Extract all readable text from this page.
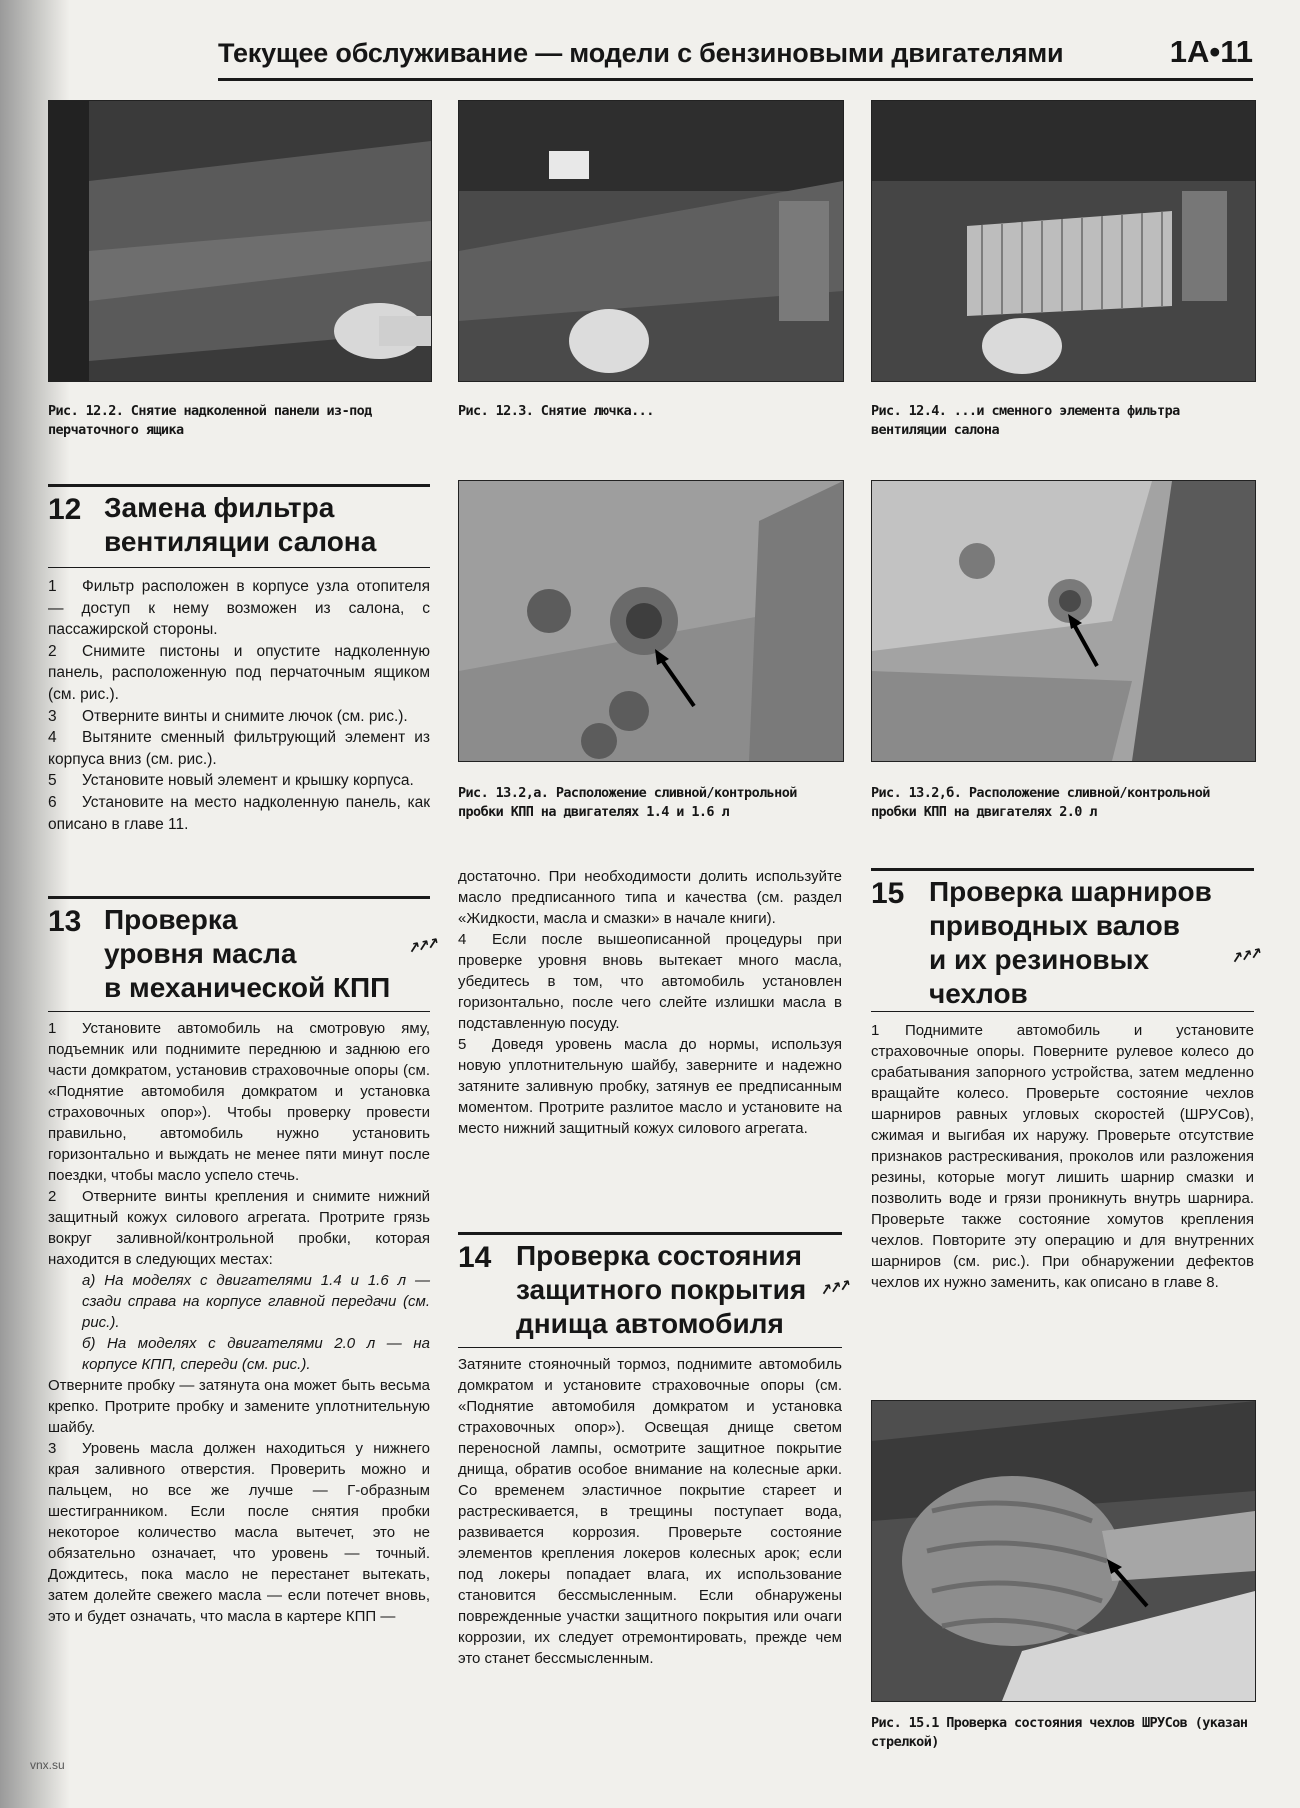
Текущее обслуживание — модели с бензиновыми двигателями	1A•11
Рис. 12.2. Снятие надколенной панели из-под перчаточного ящика
Рис. 12.3. Снятие лючка...	Рис. 12.4. ...и сменного элемента фильтра вентиляции салона
12 Замена фильтра
вентиляции салона

1 Фильтр расположен в корпусе узла отопителя — доступ к нему возможен из салона, с пассажирской стороны.

2 Снимите пистоны и опустите надколенную панель, расположенную под перчаточным ящиком (см. рис.).

3 Отверните винты и снимите лючок (см. рис.).

4 Вытяните сменный фильтрующий элемент из корпуса вниз (см. рис.).

5 Установите новый элемент и крышку корпуса.

6 Установите на место надколенную панель, как описано в главе 11.

13 Проверка
уровня масла
в механической КПП
↗↗↗

1 Установите автомобиль на смотровую яму, подъемник или поднимите переднюю и заднюю его части домкратом, установив страховочные опоры (см. «Поднятие автомобиля домкратом и установка страховочных опор»). Чтобы проверку провести правильно, автомобиль нужно установить горизонтально и выждать не менее пяти минут после поездки, чтобы масло успело стечь.

2 Отверните винты крепления и снимите нижний защитный кожух силового агрегата. Протрите грязь вокруг заливной/контрольной пробки, которая находится в следующих местах:

а) На моделях с двигателями 1.4 и 1.6 л — сзади справа на корпусе главной передачи (см. рис.).

б) На моделях с двигателями 2.0 л — на корпусе КПП, спереди (см. рис.).

Отверните пробку — затянута она может быть весьма крепко. Протрите пробку и замените уплотнительную шайбу.

3 Уровень масла должен находиться у нижнего края заливного отверстия. Проверить можно и пальцем, но все же лучше — Г-образным шестигранником. Если после снятия пробки некоторое количество масла вытечет, это не обязательно означает, что уровень — точный. Дождитесь, пока масло не перестанет вытекать, затем долейте свежего масла — если потечет вновь, это и будет означать, что масла в картере КПП —

Рис. 13.2,а. Расположение сливной/контрольной пробки КПП на двигателях 1.4 и 1.6 л
Рис. 13.2,б. Расположение сливной/контрольной пробки КПП на двигателях 2.0 л

достаточно. При необходимости долить используйте масло предписанного типа и качества (см. раздел «Жидкости, масла и смазки» в начале книги).

4 Если после вышеописанной процедуры при проверке уровня вновь вытекает много масла, убедитесь в том, что автомобиль установлен горизонтально, после чего слейте излишки масла в подставленную посуду.

5 Доведя уровень масла до нормы, используя новую уплотнительную шайбу, заверните и надежно затяните заливную пробку, затянув ее предписанным моментом. Протрите разлитое масло и установите на место нижний защитный кожух силового агрегата.

14 Проверка состояния
защитного покрытия
днища автомобиля
↗↗↗

Затяните стояночный тормоз, поднимите автомобиль домкратом и установите страховочные опоры (см. «Поднятие автомобиля домкратом и установка страховочных опор»). Освещая днище светом переносной лампы, осмотрите защитное покрытие днища, обратив особое внимание на колесные арки. Со временем эластичное покрытие стареет и растрескивается, в трещины поступает вода, развивается коррозия. Проверьте состояние элементов крепления локеров колесных арок; если под локеры попадает влага, их использование становится бессмысленным. Если обнаружены поврежденные участки защитного покрытия или очаги коррозии, их следует отремонтировать, прежде чем это станет бессмысленным.

15 Проверка шарниров
приводных валов
и их резиновых
чехлов
↗↗↗

1 Поднимите автомобиль и установите страховочные опоры. Поверните рулевое колесо до срабатывания запорного устройства, затем медленно вращайте колесо. Проверьте состояние чехлов шарниров равных угловых скоростей (ШРУСов), сжимая и выгибая их наружу. Проверьте отсутствие признаков растрескивания, проколов или разложения резины, которые могут лишить шарнир смазки и позволить воде и грязи проникнуть внутрь шарнира. Проверьте также состояние хомутов крепления чехлов. Повторите эту операцию и для внутренних шарниров (см. рис.). При обнаружении дефектов чехлов их нужно заменить, как описано в главе 8.

Рис. 15.1 Проверка состояния чехлов ШРУСов (указан стрелкой)
vnx.su
